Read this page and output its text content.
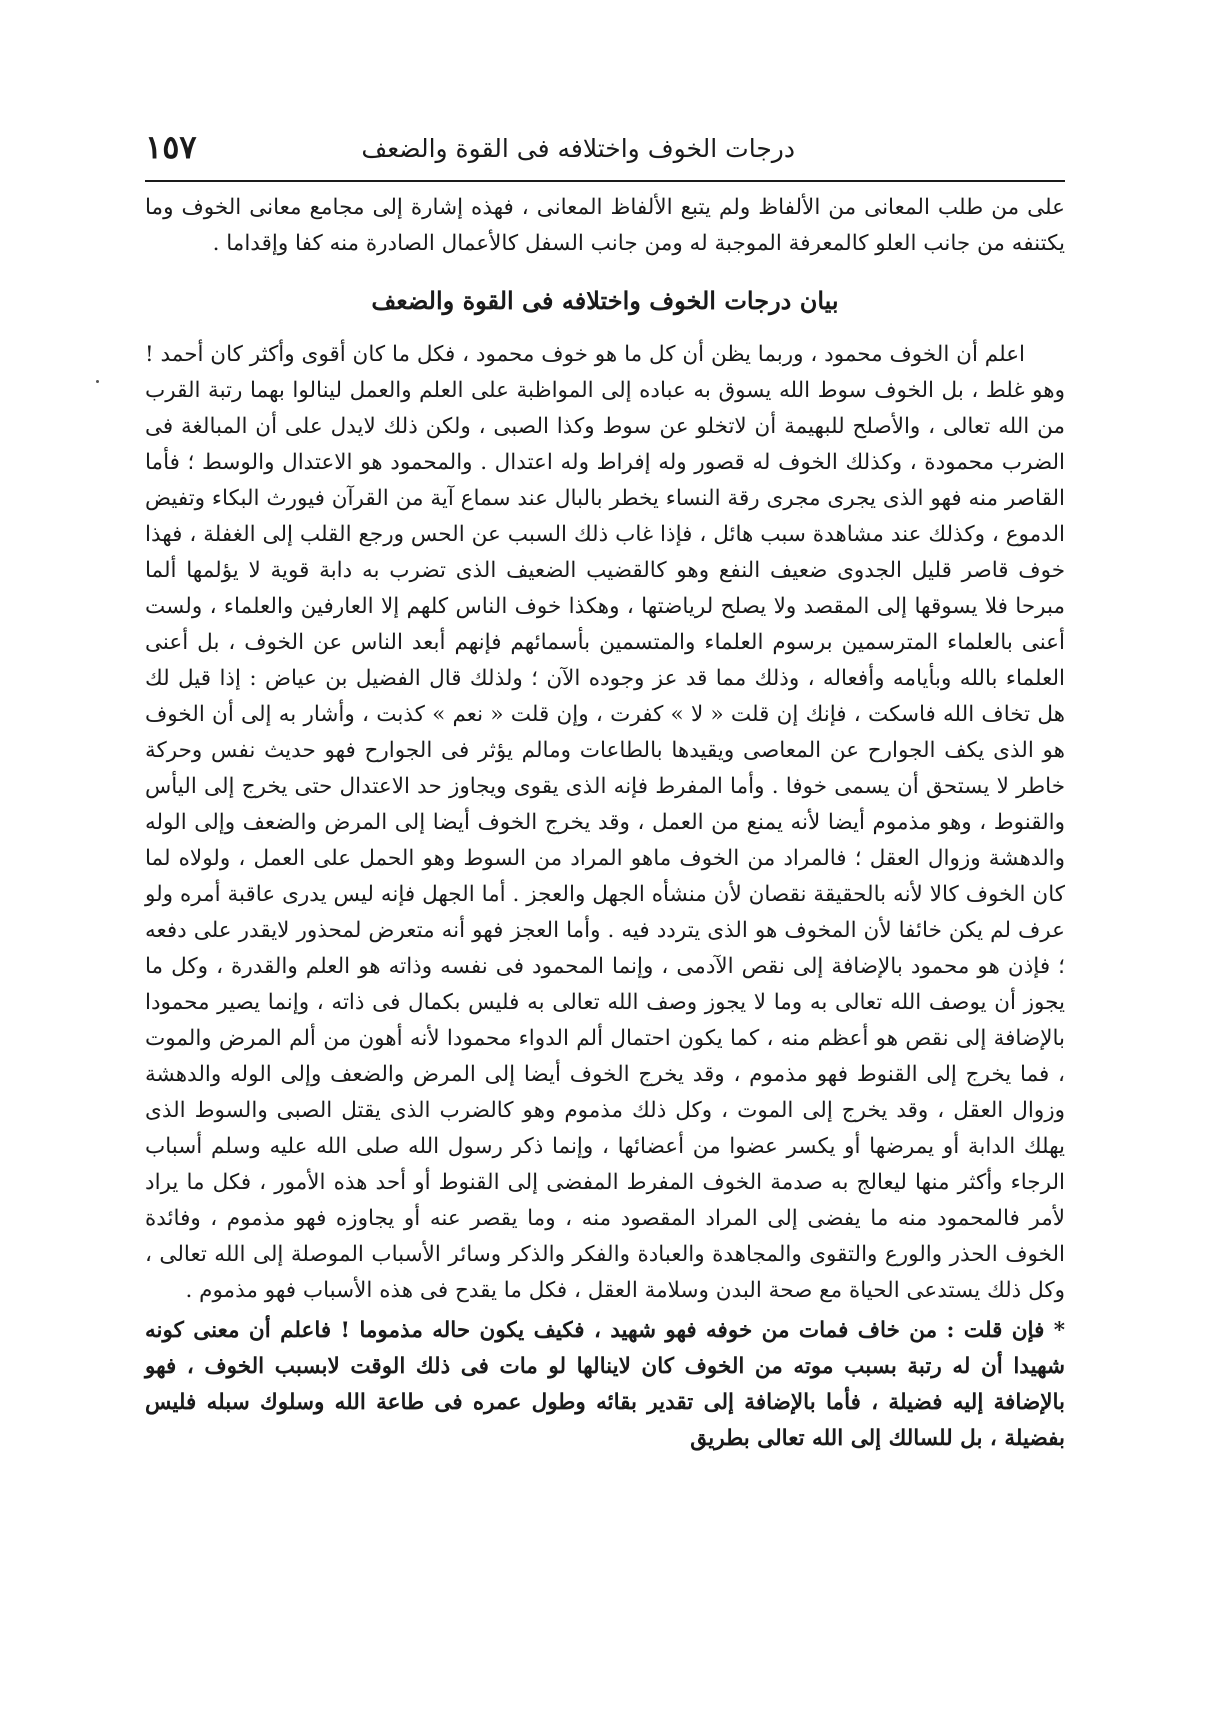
درجات الخوف واختلافه فى القوة والضعف
١٥٧

على من طلب المعانى من الألفاظ ولم يتبع الألفاظ المعانى ، فهذه إشارة إلى مجامع معانى الخوف وما يكتنفه من جانب العلو كالمعرفة الموجبة له ومن جانب السفل كالأعمال الصادرة منه كفا وإقداما .

بيان درجات الخوف واختلافه فى القوة والضعف

اعلم أن الخوف محمود ، وربما يظن أن كل ما هو خوف محمود ، فكل ما كان أقوى وأكثر كان أحمد ! وهو غلط ، بل الخوف سوط الله يسوق به عباده إلى المواظبة على العلم والعمل لينالوا بهما رتبة القرب من الله تعالى ، والأصلح للبهيمة أن لاتخلو عن سوط وكذا الصبى ، ولكن ذلك لايدل على أن المبالغة فى الضرب محمودة ، وكذلك الخوف له قصور وله إفراط وله اعتدال . والمحمود هو الاعتدال والوسط ؛ فأما القاصر منه فهو الذى يجرى مجرى رقة النساء يخطر بالبال عند سماع آية من القرآن فيورث البكاء وتفيض الدموع ، وكذلك عند مشاهدة سبب هائل ، فإذا غاب ذلك السبب عن الحس ورجع القلب إلى الغفلة ، فهذا خوف قاصر قليل الجدوى ضعيف النفع وهو كالقضيب الضعيف الذى تضرب به دابة قوية لا يؤلمها ألما مبرحا فلا يسوقها إلى المقصد ولا يصلح لرياضتها ، وهكذا خوف الناس كلهم إلا العارفين والعلماء ، ولست أعنى بالعلماء المترسمين برسوم العلماء والمتسمين بأسمائهم فإنهم أبعد الناس عن الخوف ، بل أعنى العلماء بالله وبأيامه وأفعاله ، وذلك مما قد عز وجوده الآن ؛ ولذلك قال الفضيل بن عياض : إذا قيل لك هل تخاف الله فاسكت ، فإنك إن قلت « لا » كفرت ، وإن قلت « نعم » كذبت ، وأشار به إلى أن الخوف هو الذى يكف الجوارح عن المعاصى ويقيدها بالطاعات ومالم يؤثر فى الجوارح فهو حديث نفس وحركة خاطر لا يستحق أن يسمى خوفا . وأما المفرط فإنه الذى يقوى ويجاوز حد الاعتدال حتى يخرج إلى اليأس والقنوط ، وهو مذموم أيضا لأنه يمنع من العمل ، وقد يخرج الخوف أيضا إلى المرض والضعف وإلى الوله والدهشة وزوال العقل ؛ فالمراد من الخوف ماهو المراد من السوط وهو الحمل على العمل ، ولولاه لما كان الخوف كالا لأنه بالحقيقة نقصان لأن منشأه الجهل والعجز . أما الجهل فإنه ليس يدرى عاقبة أمره ولو عرف لم يكن خائفا لأن المخوف هو الذى يتردد فيه . وأما العجز فهو أنه متعرض لمحذور لايقدر على دفعه ؛ فإذن هو محمود بالإضافة إلى نقص الآدمى ، وإنما المحمود فى نفسه وذاته هو العلم والقدرة ، وكل ما يجوز أن يوصف الله تعالى به وما لا يجوز وصف الله تعالى به فليس بكمال فى ذاته ، وإنما يصير محمودا بالإضافة إلى نقص هو أعظم منه ، كما يكون احتمال ألم الدواء محمودا لأنه أهون من ألم المرض والموت ، فما يخرج إلى القنوط فهو مذموم ، وقد يخرج الخوف أيضا إلى المرض والضعف وإلى الوله والدهشة وزوال العقل ، وقد يخرج إلى الموت ، وكل ذلك مذموم وهو كالضرب الذى يقتل الصبى والسوط الذى يهلك الدابة أو يمرضها أو يكسر عضوا من أعضائها ، وإنما ذكر رسول الله صلى الله عليه وسلم أسباب الرجاء وأكثر منها ليعالج به صدمة الخوف المفرط المفضى إلى القنوط أو أحد هذه الأمور ، فكل ما يراد لأمر فالمحمود منه ما يفضى إلى المراد المقصود منه ، وما يقصر عنه أو يجاوزه فهو مذموم ، وفائدة الخوف الحذر والورع والتقوى والمجاهدة والعبادة والفكر والذكر وسائر الأسباب الموصلة إلى الله تعالى ، وكل ذلك يستدعى الحياة مع صحة البدن وسلامة العقل ، فكل ما يقدح فى هذه الأسباب فهو مذموم .

* فإن قلت : من خاف فمات من خوفه فهو شهيد ، فكيف يكون حاله مذموما ! فاعلم أن معنى كونه شهيدا أن له رتبة بسبب موته من الخوف كان لاينالها لو مات فى ذلك الوقت لابسبب الخوف ، فهو بالإضافة إليه فضيلة ، فأما بالإضافة إلى تقدير بقائه وطول عمره فى طاعة الله وسلوك سبله فليس بفضيلة ، بل للسالك إلى الله تعالى بطريق
